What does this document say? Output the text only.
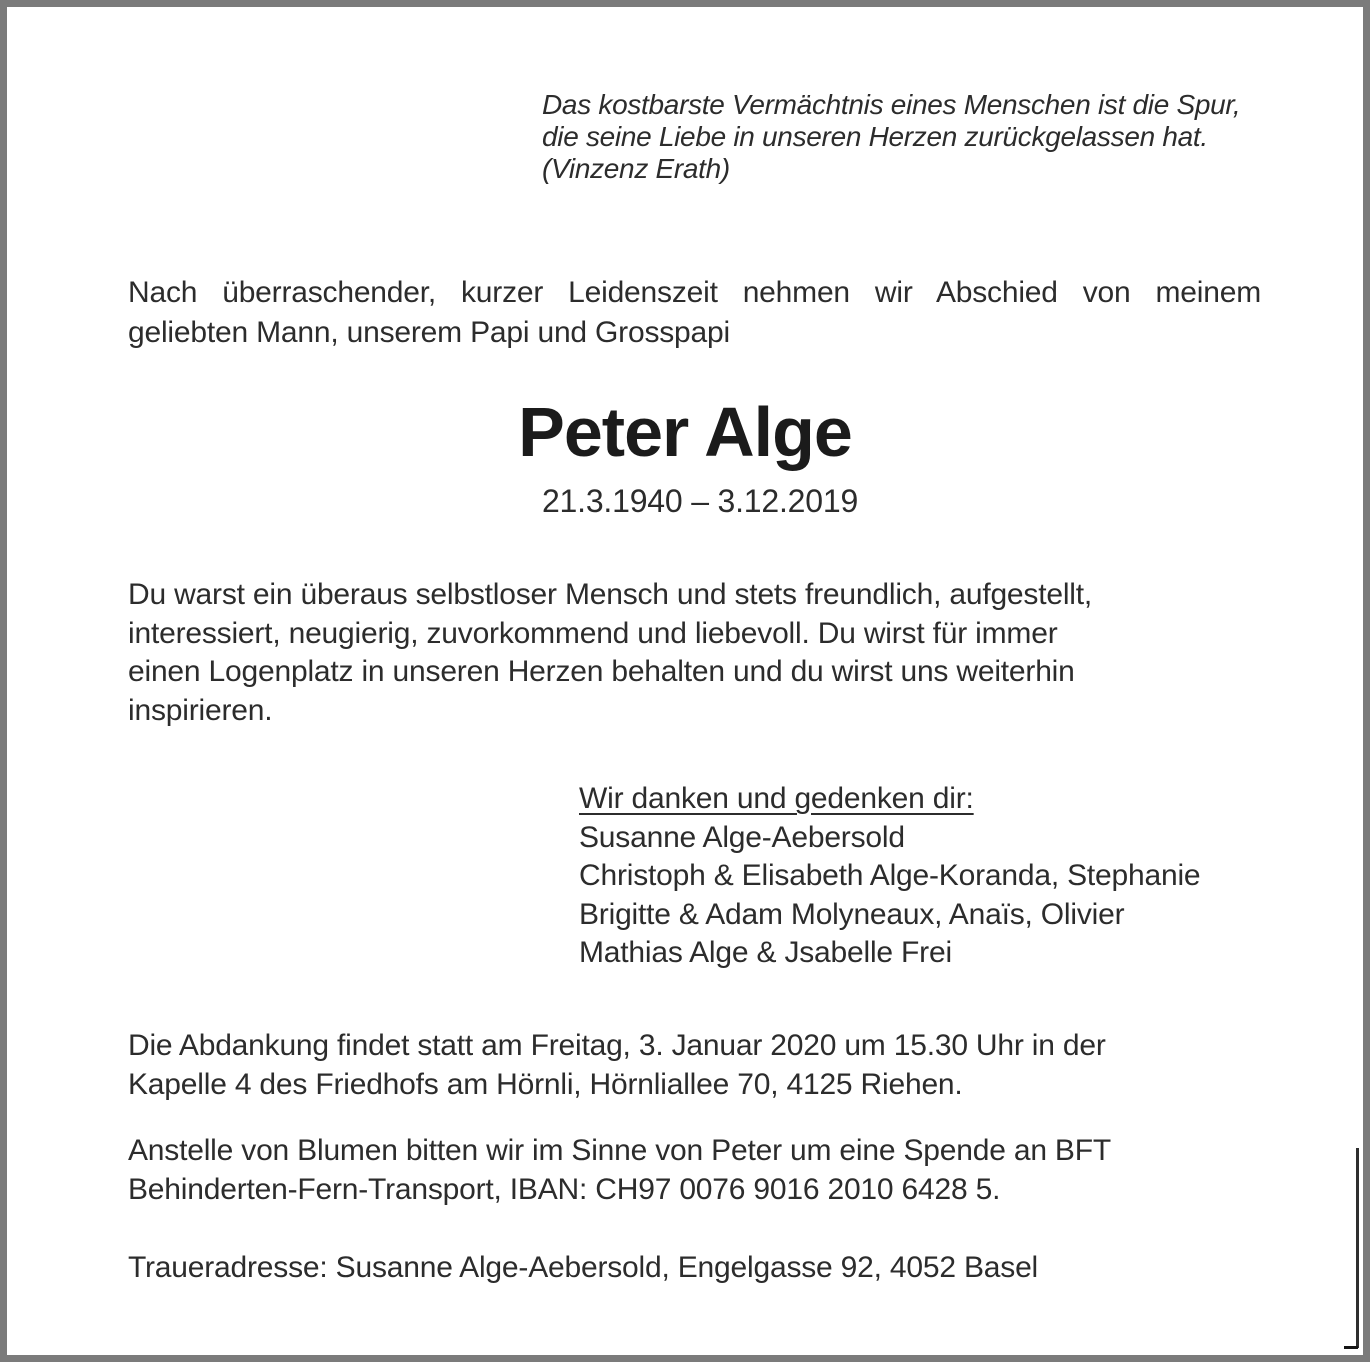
Das kostbarste Vermächtnis eines Menschen ist die Spur,
die seine Liebe in unseren Herzen zurückgelassen hat.
(Vinzenz Erath)
Nach überraschender, kurzer Leidenszeit nehmen wir Abschied von meinem
geliebten Mann, unserem Papi und Grosspapi
Peter Alge
21.3.1940 – 3.12.2019
Du warst ein überaus selbstloser Mensch und stets freundlich, aufgestellt,
interessiert, neugierig, zuvorkommend und liebevoll. Du wirst für immer
einen Logenplatz in unseren Herzen behalten und du wirst uns weiterhin
inspirieren.
Wir danken und gedenken dir:
Susanne Alge-Aebersold
Christoph & Elisabeth Alge-Koranda, Stephanie
Brigitte & Adam Molyneaux, Anaïs, Olivier
Mathias Alge & Jsabelle Frei
Die Abdankung findet statt am Freitag, 3. Januar 2020 um 15.30 Uhr in der
Kapelle 4 des Friedhofs am Hörnli, Hörnliallee 70, 4125 Riehen.
Anstelle von Blumen bitten wir im Sinne von Peter um eine Spende an BFT
Behinderten-Fern-Transport, IBAN: CH97 0076 9016 2010 6428 5.
Traueradresse: Susanne Alge-Aebersold, Engelgasse 92, 4052 Basel
